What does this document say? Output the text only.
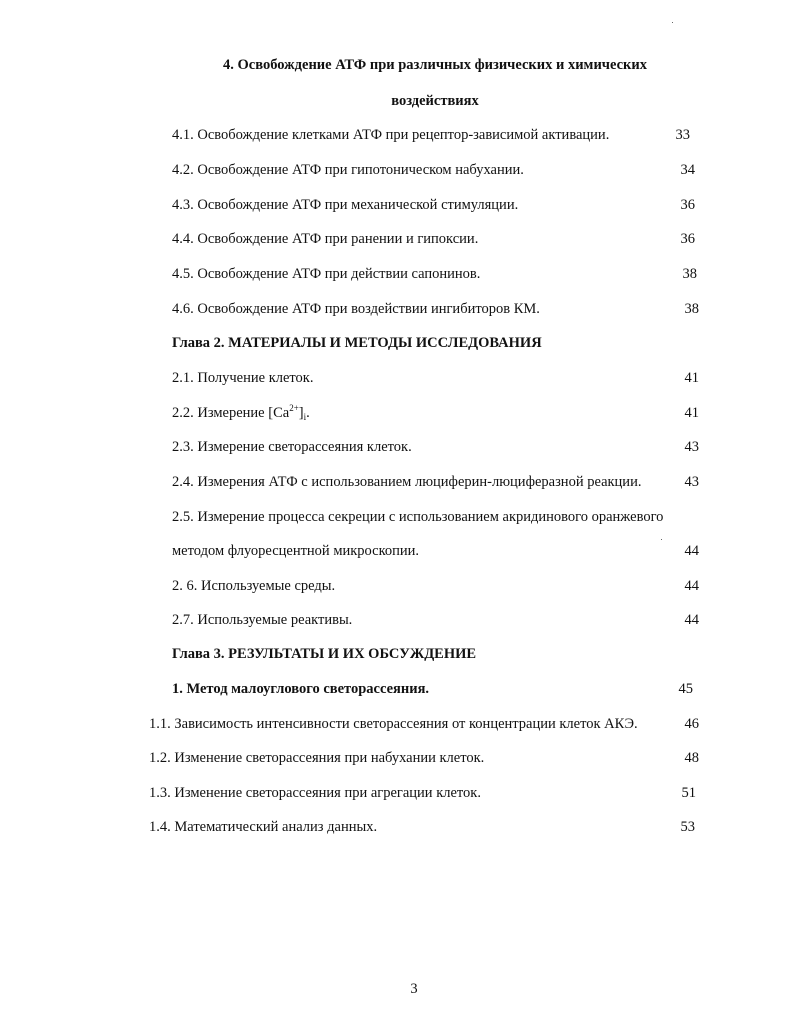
4. Освобождение АТФ при различных физических и химических
воздействиях
4.1. Освобождение клетками АТФ при рецептор-зависимой активации.	33
4.2. Освобождение АТФ при гипотоническом набухании.	34
4.3. Освобождение АТФ при механической стимуляции.	36
4.4. Освобождение АТФ при ранении и гипоксии.	36
4.5. Освобождение АТФ при действии сапонинов.	38
4.6. Освобождение АТФ при воздействии ингибиторов КМ.	38
Глава 2. МАТЕРИАЛЫ И МЕТОДЫ ИССЛЕДОВАНИЯ
2.1. Получение клеток.	41
2.2. Измерение $[Ca^{2+}]_i$.	41
2.3. Измерение светорассеяния клеток.	43
2.4. Измерения АТФ с использованием люциферин-люциферазной реакции.	43
2.5. Измерение процесса секреции с использованием акридинового оранжевого
методом флуоресцентной микроскопии.	44
2. 6. Используемые среды.	44
2.7. Используемые реактивы.	44
Глава 3. РЕЗУЛЬТАТЫ И ИХ ОБСУЖДЕНИЕ
1. Метод малоуглового светорассеяния.	45
1.1. Зависимость интенсивности светорассеяния от концентрации клеток АКЭ.	46
1.2. Изменение светорассеяния при набухании клеток.	48
1.3. Изменение светорассеяния при агрегации клеток.	51
1.4. Математический анализ данных.	53
3
